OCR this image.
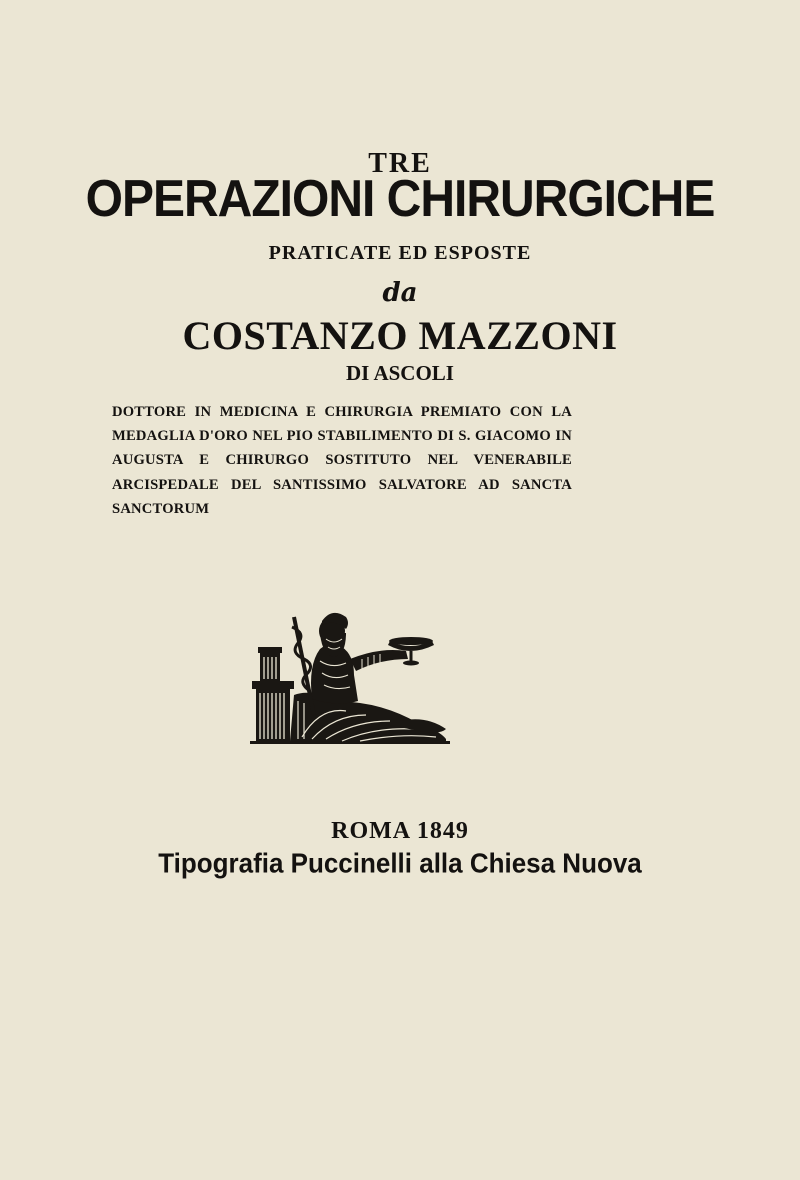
TRE
OPERAZIONI CHIRURGICHE
PRATICATE ED ESPOSTE
da
COSTANZO MAZZONI
DI ASCOLI
DOTTORE IN MEDICINA E CHIRURGIA PREMIATO CON LA MEDAGLIA D'ORO NEL PIO STABILIMENTO DI S. GIACOMO IN AUGUSTA E CHIRURGO SOSTITUTO NEL VENERABILE ARCISPEDALE DEL SANTISSIMO SALVATORE AD SANCTA SANCTORUM
ROMA 1849
Tipografia Puccinelli alla Chiesa Nuova
